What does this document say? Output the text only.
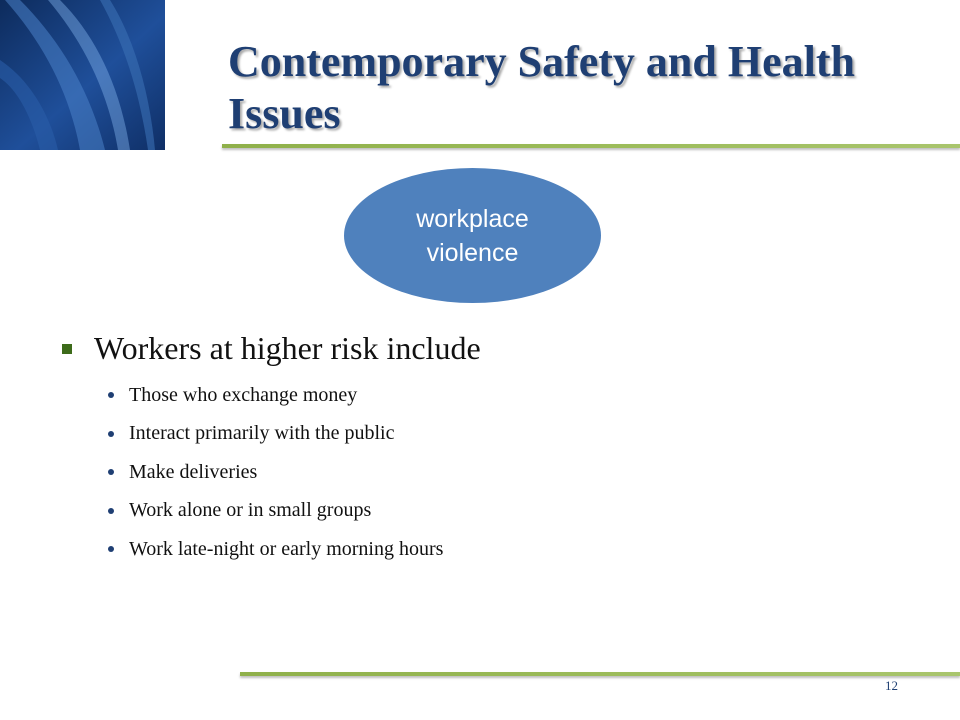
Contemporary Safety and Health Issues
workplace violence
Workers at higher risk include
Those who exchange money
Interact primarily with the public
Make deliveries
Work alone or in small groups
Work late-night or early morning hours
12
